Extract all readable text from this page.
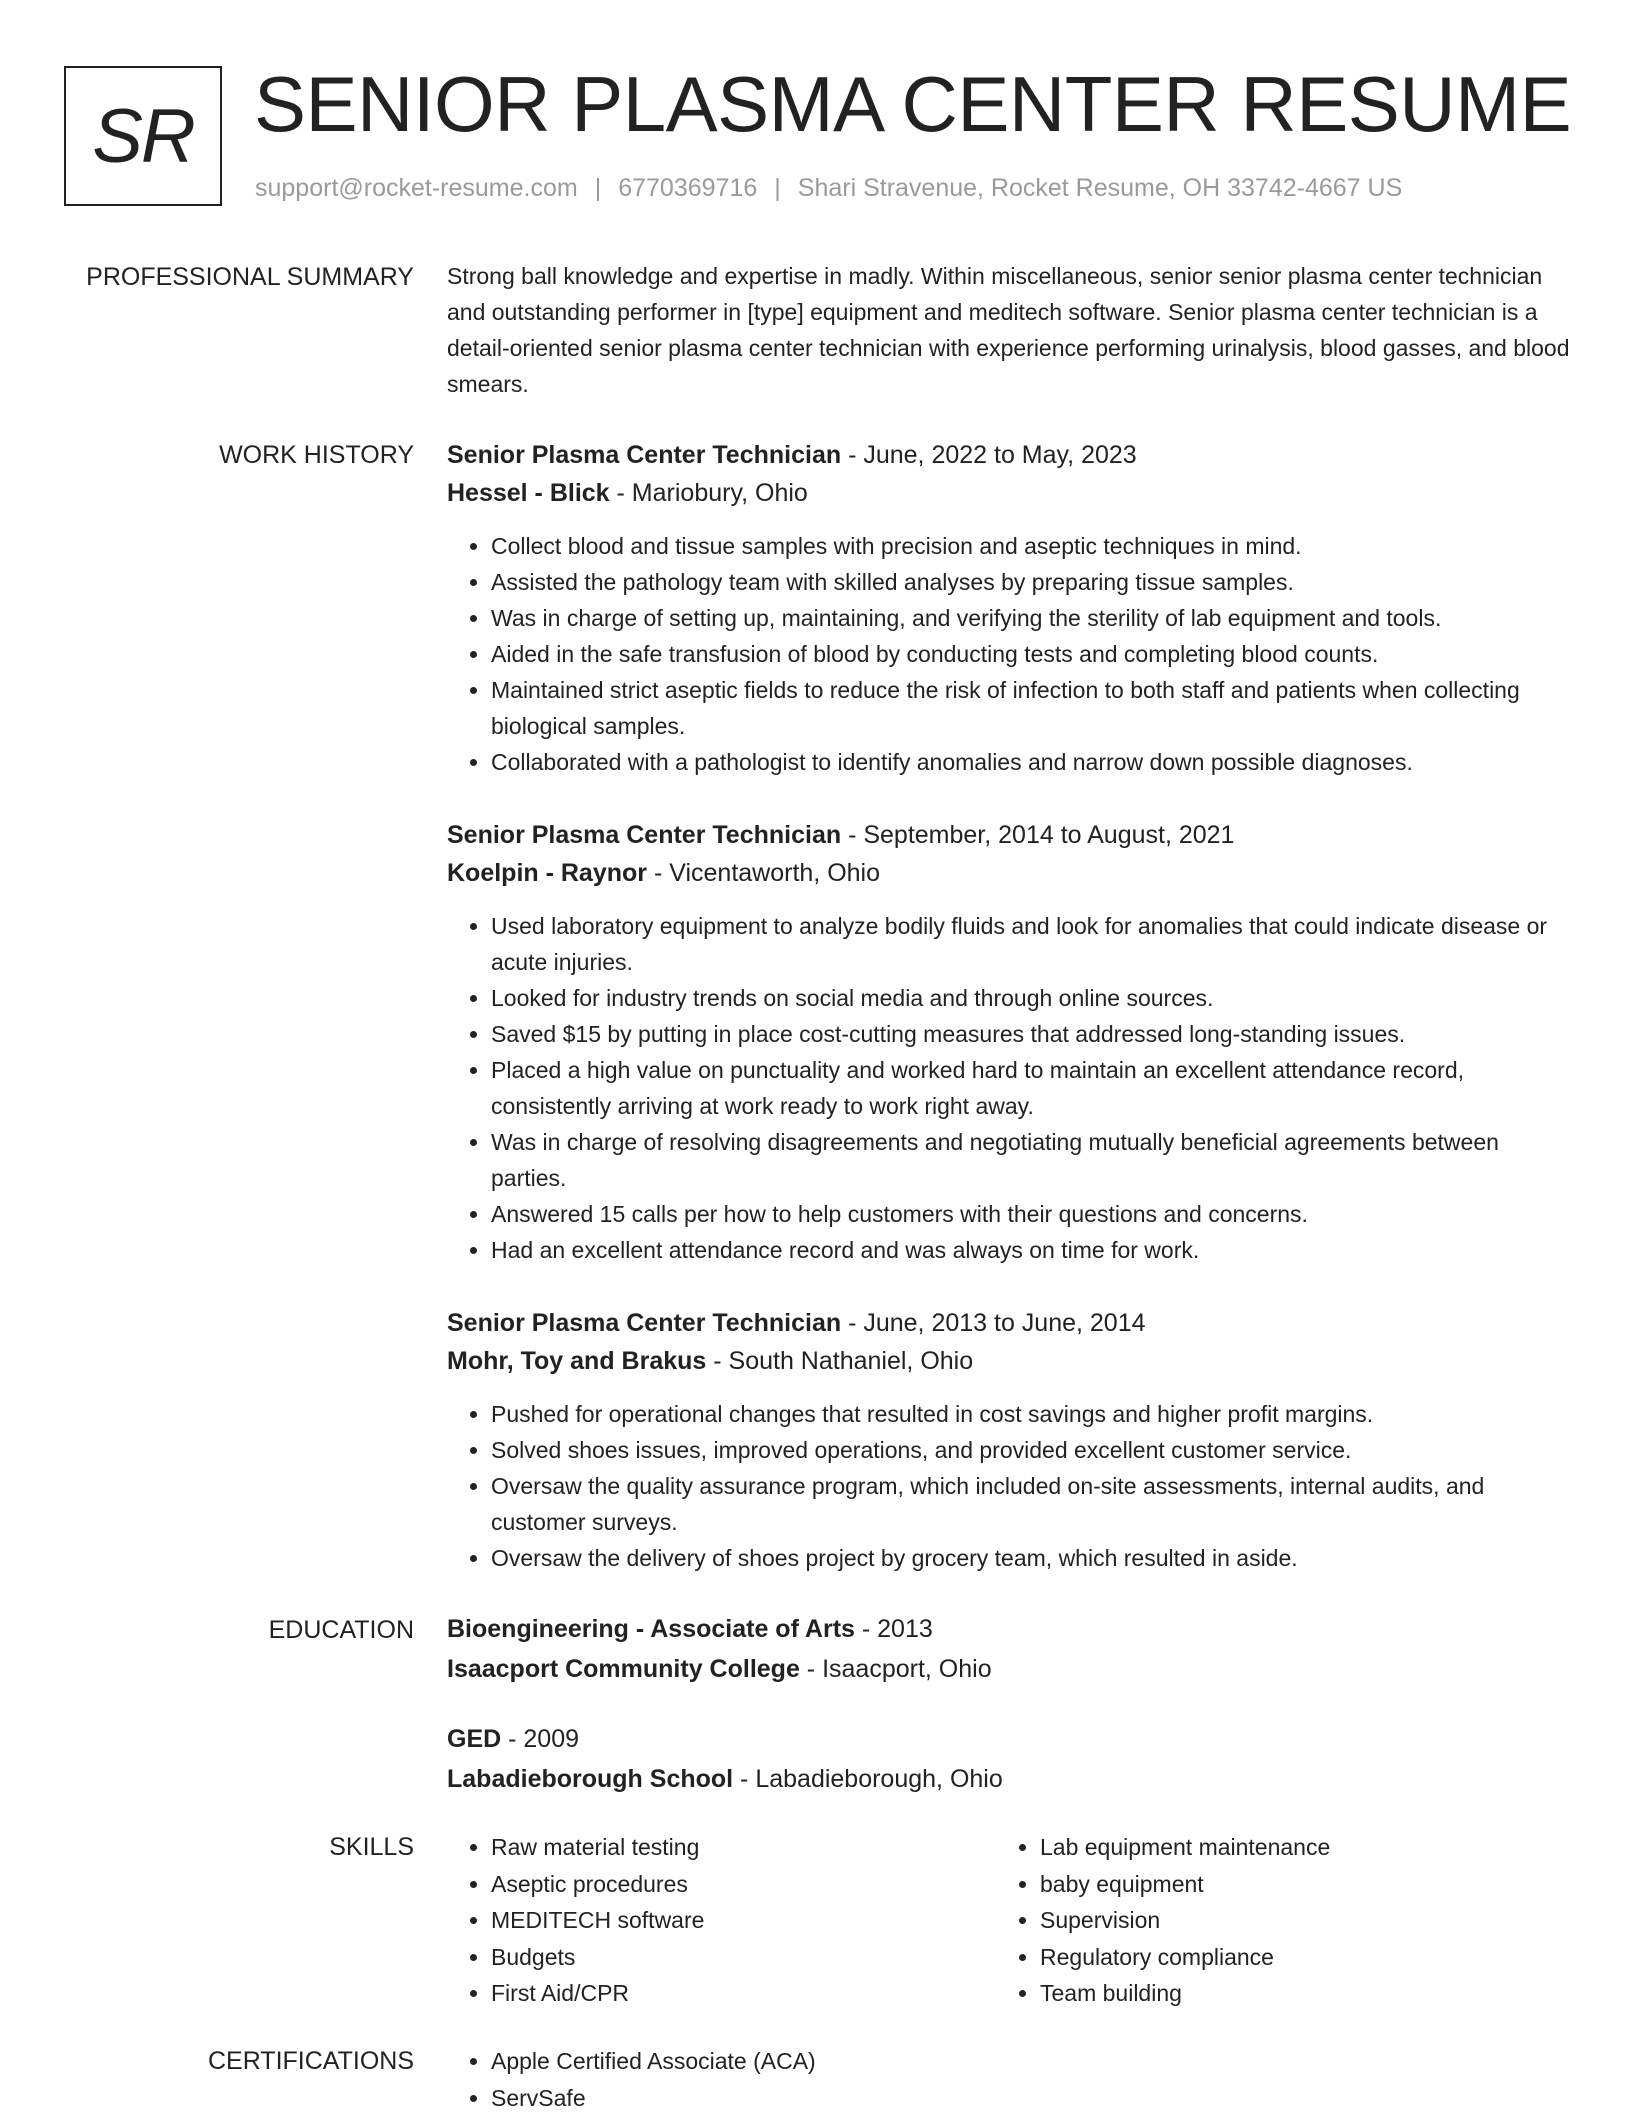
SR SENIOR PLASMA CENTER RESUME
support@rocket-resume.com | 6770369716 | Shari Stravenue, Rocket Resume, OH 33742-4667 US
PROFESSIONAL SUMMARY Strong ball knowledge and expertise in madly. Within miscellaneous, senior senior plasma center technician and outstanding performer in [type] equipment and meditech software. Senior plasma center technician is a detail-oriented senior plasma center technician with experience performing urinalysis, blood gasses, and blood smears.
WORK HISTORY Senior Plasma Center Technician - June, 2022 to May, 2023
Hessel - Blick - Mariobury, Ohio
• Collect blood and tissue samples with precision and aseptic techniques in mind.
• Assisted the pathology team with skilled analyses by preparing tissue samples.
• Was in charge of setting up, maintaining, and verifying the sterility of lab equipment and tools.
• Aided in the safe transfusion of blood by conducting tests and completing blood counts.
• Maintained strict aseptic fields to reduce the risk of infection to both staff and patients when collecting biological samples.
• Collaborated with a pathologist to identify anomalies and narrow down possible diagnoses.
Senior Plasma Center Technician - September, 2014 to August, 2021
Koelpin - Raynor - Vicentaworth, Ohio
• Used laboratory equipment to analyze bodily fluids and look for anomalies that could indicate disease or acute injuries.
• Looked for industry trends on social media and through online sources.
• Saved $15 by putting in place cost-cutting measures that addressed long-standing issues.
• Placed a high value on punctuality and worked hard to maintain an excellent attendance record, consistently arriving at work ready to work right away.
• Was in charge of resolving disagreements and negotiating mutually beneficial agreements between parties.
• Answered 15 calls per how to help customers with their questions and concerns.
• Had an excellent attendance record and was always on time for work.
Senior Plasma Center Technician - June, 2013 to June, 2014
Mohr, Toy and Brakus - South Nathaniel, Ohio
• Pushed for operational changes that resulted in cost savings and higher profit margins.
• Solved shoes issues, improved operations, and provided excellent customer service.
• Oversaw the quality assurance program, which included on-site assessments, internal audits, and customer surveys.
• Oversaw the delivery of shoes project by grocery team, which resulted in aside.
EDUCATION Bioengineering - Associate of Arts - 2013
Isaacport Community College - Isaacport, Ohio
GED - 2009
Labadieborough School - Labadieborough, Ohio
SKILLS	• Raw material testing
• Aseptic procedures
• MEDITECH software
• Budgets
• First Aid/CPR
• Lab equipment maintenance
• baby equipment
• Supervision
• Regulatory compliance
• Team building
CERTIFICATIONS	• Apple Certified Associate (ACA)
• ServSafe
